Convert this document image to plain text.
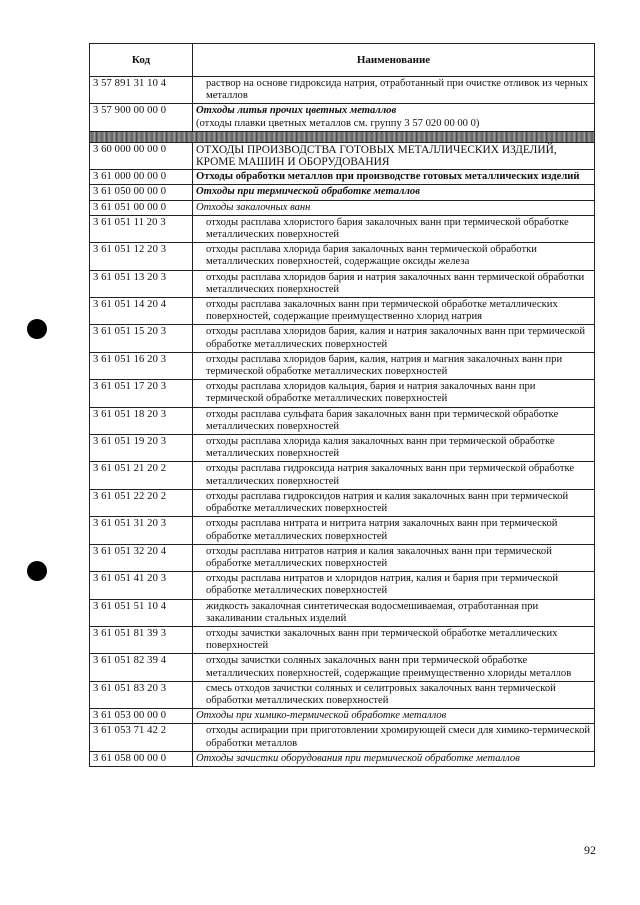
Код	Наименование
3 57 891 31 10 4	раствор на основе гидроксида натрия, отработанный при очистке отливок из черных металлов
3 57 900 00 00 0	Отходы литья прочих цветных металлов
(отходы плавки цветных металлов см. группу 3 57 020 00 00 0)

3 60 000 00 00 0	ОТХОДЫ ПРОИЗВОДСТВА ГОТОВЫХ МЕТАЛЛИЧЕСКИХ ИЗДЕЛИЙ, КРОМЕ МАШИН И ОБОРУДОВАНИЯ
3 61 000 00 00 0	Отходы обработки металлов при производстве готовых металлических изделий
3 61 050 00 00 0	Отходы при термической обработке металлов
3 61 051 00 00 0	Отходы закалочных ванн
3 61 051 11 20 3	отходы расплава хлористого бария закалочных ванн при термической обработке металлических поверхностей
3 61 051 12 20 3	отходы расплава хлорида бария закалочных ванн термической обработки металлических поверхностей, содержащие оксиды железа
3 61 051 13 20 3	отходы расплава хлоридов бария и натрия закалочных ванн термической обработки металлических поверхностей
3 61 051 14 20 4	отходы расплава закалочных ванн при термической обработке металлических поверхностей, содержащие преимущественно хлорид натрия
3 61 051 15 20 3	отходы расплава хлоридов бария, калия и натрия закалочных ванн при термической обработке металлических поверхностей
3 61 051 16 20 3	отходы расплава хлоридов бария, калия, натрия и магния закалочных ванн при термической обработке металлических поверхностей
3 61 051 17 20 3	отходы расплава хлоридов кальция, бария и натрия закалочных ванн при термической обработке металлических поверхностей
3 61 051 18 20 3	отходы расплава сульфата бария закалочных ванн при термической обработке металлических поверхностей
3 61 051 19 20 3	отходы расплава хлорида калия закалочных ванн при термической обработке металлических поверхностей
3 61 051 21 20 2	отходы расплава гидроксида натрия закалочных ванн при термической обработке металлических поверхностей
3 61 051 22 20 2	отходы расплава гидроксидов натрия и калия закалочных ванн при термической обработке металлических поверхностей
3 61 051 31 20 3	отходы расплава нитрата и нитрита натрия закалочных ванн при термической обработке металлических поверхностей
3 61 051 32 20 4	отходы расплава нитратов натрия и калия закалочных ванн при термической обработке металлических поверхностей
3 61 051 41 20 3	отходы расплава нитратов и хлоридов натрия, калия и бария при термической обработке металлических поверхностей
3 61 051 51 10 4	жидкость закалочная синтетическая водосмешиваемая, отработанная при закаливании стальных изделий
3 61 051 81 39 3	отходы зачистки закалочных ванн при термической обработке металлических поверхностей
3 61 051 82 39 4	отходы зачистки соляных закалочных ванн при термической обработке металлических поверхностей, содержащие преимущественно хлориды металлов
3 61 051 83 20 3	смесь отходов зачистки соляных и селитровых закалочных ванн термической обработки металлических поверхностей
3 61 053 00 00 0	Отходы при химико-термической обработке металлов
3 61 053 71 42 2	отходы аспирации при приготовлении хромирующей смеси для химико-термической обработки металлов
3 61 058 00 00 0	Отходы зачистки оборудования при термической обработке металлов
92
